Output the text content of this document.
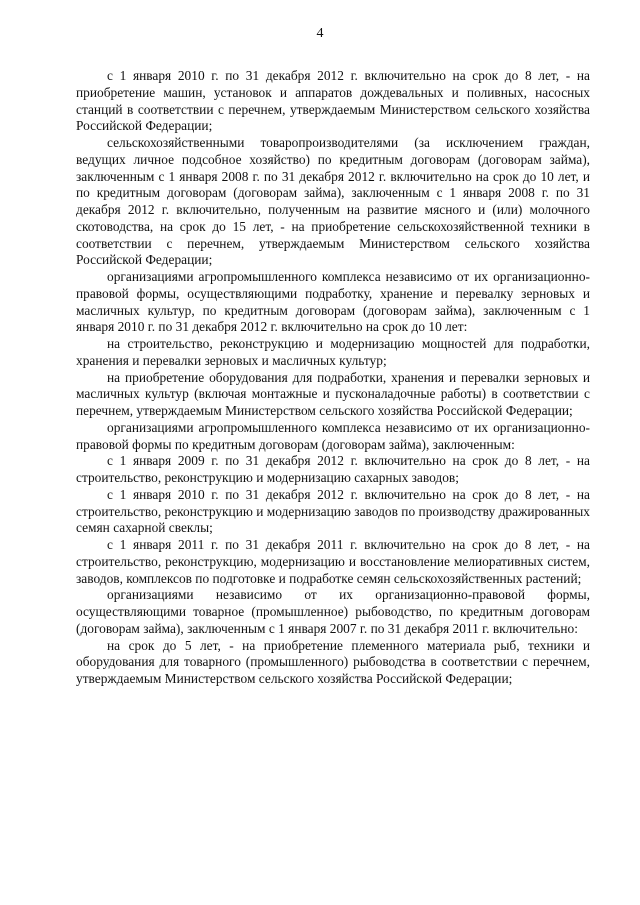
4

с 1 января 2010 г. по 31 декабря 2012 г. включительно на срок до 8 лет, - на приобретение машин, установок и аппаратов дождевальных и поливных, насосных станций в соответствии с перечнем, утверждаемым Министерством сельского хозяйства Российской Федерации;

сельскохозяйственными товаропроизводителями (за исключением граждан, ведущих личное подсобное хозяйство) по кредитным договорам (договорам займа), заключенным с 1 января 2008 г. по 31 декабря 2012 г. включительно на срок до 10 лет, и по кредитным договорам (договорам займа), заключенным с 1 января 2008 г. по 31 декабря 2012 г. включительно, полученным на развитие мясного и (или) молочного скотоводства, на срок до 15 лет, - на приобретение сельскохозяйственной техники в соответствии с перечнем, утверждаемым Министерством сельского хозяйства Российской Федерации;

организациями агропромышленного комплекса независимо от их организационно-правовой формы, осуществляющими подработку, хранение и перевалку зерновых и масличных культур, по кредитным договорам (договорам займа), заключенным с 1 января 2010 г. по 31 декабря 2012 г. включительно на срок до 10 лет:

на строительство, реконструкцию и модернизацию мощностей для подработки, хранения и перевалки зерновых и масличных культур;

на приобретение оборудования для подработки, хранения и перевалки зерновых и масличных культур (включая монтажные и пусконаладочные работы) в соответствии с перечнем, утверждаемым Министерством сельского хозяйства Российской Федерации;

организациями агропромышленного комплекса независимо от их организационно-правовой формы по кредитным договорам (договорам займа), заключенным:

с 1 января 2009 г. по 31 декабря 2012 г. включительно на срок до 8 лет, - на строительство, реконструкцию и модернизацию сахарных заводов;

с 1 января 2010 г. по 31 декабря 2012 г. включительно на срок до 8 лет, - на строительство, реконструкцию и модернизацию заводов по производству дражированных семян сахарной свеклы;

с 1 января 2011 г. по 31 декабря 2011 г. включительно на срок до 8 лет, - на строительство, реконструкцию, модернизацию и восстановление мелиоративных систем, заводов, комплексов по подготовке и подработке семян сельскохозяйственных растений;

организациями независимо от их организационно-правовой формы, осуществляющими товарное (промышленное) рыбоводство, по кредитным договорам (договорам займа), заключенным с 1 января 2007 г. по 31 декабря 2011 г. включительно:

на срок до 5 лет, - на приобретение племенного материала рыб, техники и оборудования для товарного (промышленного) рыбоводства в соответствии с перечнем, утверждаемым Министерством сельского хозяйства Российской Федерации;
